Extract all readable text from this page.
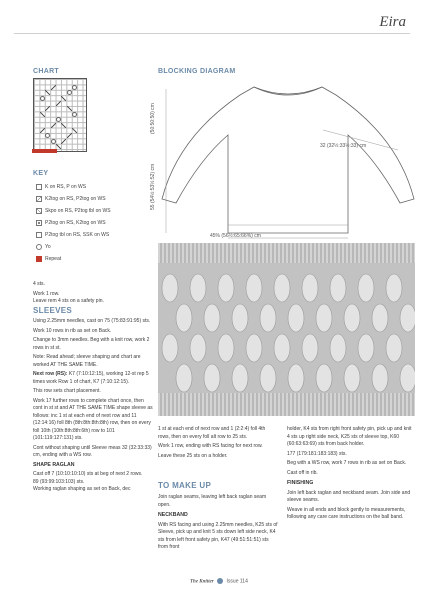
Eira
CHART
KEY
K on RS, P on WS
K2tog on RS, P2tog on WS
Skpo on RS, P2tog tbl on WS
P2tog on RS, K2tog on WS
P2tog tbl on RS, SSK on WS
Yo
Repeat
BLOCKING DIAGRAM
(50:50:50) cm
55 (54½:53½:52) cm
32 (32½:33½:33) cm
45% (56½:65:66%) cm

4 sts.

Work 1 row.

Leave rem 4 sts on a safety pin.

SLEEVES

Using 2.25mm needles, cast on 75 (75:83:91:95) sts.

Work 10 rows in rib as set on Back.

Change to 3mm needles. Beg with a knit row, work 2 rows in st st.

Note: Read ahead; sleeve shaping and chart are worked AT THE SAME TIME.

Next row (RS): K7 (7:10:12:15), working 12-st rep 5 times work Row 1 of chart, K7 (7:10:12:15).

This row sets chart placement.

Work 17 further rows to complete chart once, then cont in st st and AT THE SAME TIME shape sleeve as follows: inc 1 st at each end of next row and 11 (12:14:16) foll 8th (8th:8th:8th:8th) row, then on every foll 10th (10th:8th:8th:6th) row to 101 (101:119:127:131) sts.

Cont without shaping until Sleeve meas 32 (32:33:33) cm, ending with a WS row.

SHAPE RAGLAN

Cast off 7 (10:10:10:10) sts at beg of next 2 rows.

89 (93:99:103:103) sts.

Working raglan shaping as set on Back, dec

1 st at each end of next row and 1 (2:2:4) foll 4th rows, then on every foll alt row to 25 sts.

Work 1 row, ending with RS facing for next row.

Leave these 25 sts on a holder.

TO MAKE UP

Join raglan seams, leaving left back raglan seam open.

NECKBAND

With RS facing and using 2.25mm needles, K25 sts of Sleeve, pick up and knit 5 sts down left side neck, K4 sts from left front safety pin, K47 (49:51:51:51) sts from front

holder, K4 sts from right front safety pin, pick up and knit 4 sts up right side neck, K25 sts of sleeve top, K60 (60:63:63:69) sts from back holder.

177 (179:181:183:183) sts.

Beg with a WS row, work 7 rows in rib as set on Back.

Cast off in rib.

FINISHING

Join left back raglan and neckband seam. Join side and sleeve seams.

Weave in all ends and block gently to measurements, following any care care instructions on the ball band.

The Knitter	Issue 114
